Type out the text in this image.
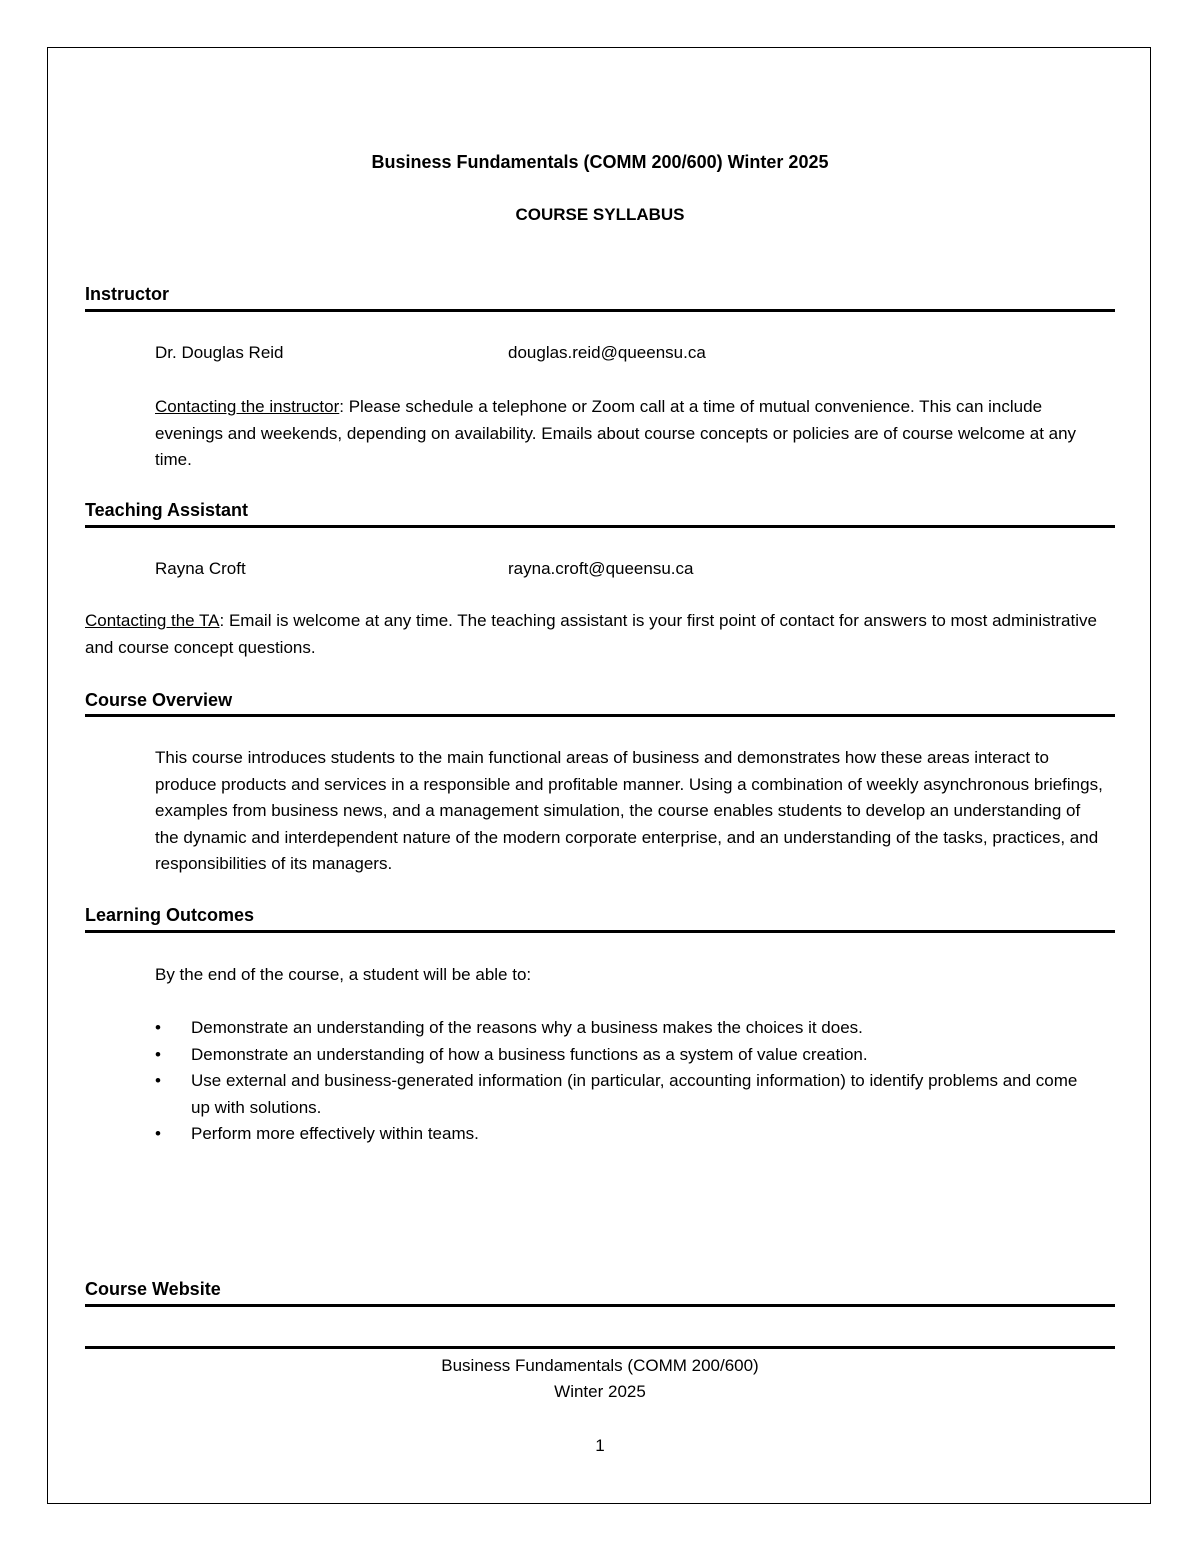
Business Fundamentals (COMM 200/600) Winter 2025
COURSE SYLLABUS
Instructor
Dr. Douglas Reid	douglas.reid@queensu.ca
Contacting the instructor: Please schedule a telephone or Zoom call at a time of mutual convenience. This can include evenings and weekends, depending on availability. Emails about course concepts or policies are of course welcome at any time.
Teaching Assistant
Rayna Croft	rayna.croft@queensu.ca
Contacting the TA: Email is welcome at any time. The teaching assistant is your first point of contact for answers to most administrative and course concept questions.
Course Overview
This course introduces students to the main functional areas of business and demonstrates how these areas interact to produce products and services in a responsible and profitable manner. Using a combination of weekly asynchronous briefings, examples from business news, and a management simulation, the course enables students to develop an understanding of the dynamic and interdependent nature of the modern corporate enterprise, and an understanding of the tasks, practices, and responsibilities of its managers.
Learning Outcomes
By the end of the course, a student will be able to:
• Demonstrate an understanding of the reasons why a business makes the choices it does.
• Demonstrate an understanding of how a business functions as a system of value creation.
• Use external and business-generated information (in particular, accounting information) to identify problems and come up with solutions.
• Perform more effectively within teams.
Course Website
Business Fundamentals (COMM 200/600)
Winter 2025
1
